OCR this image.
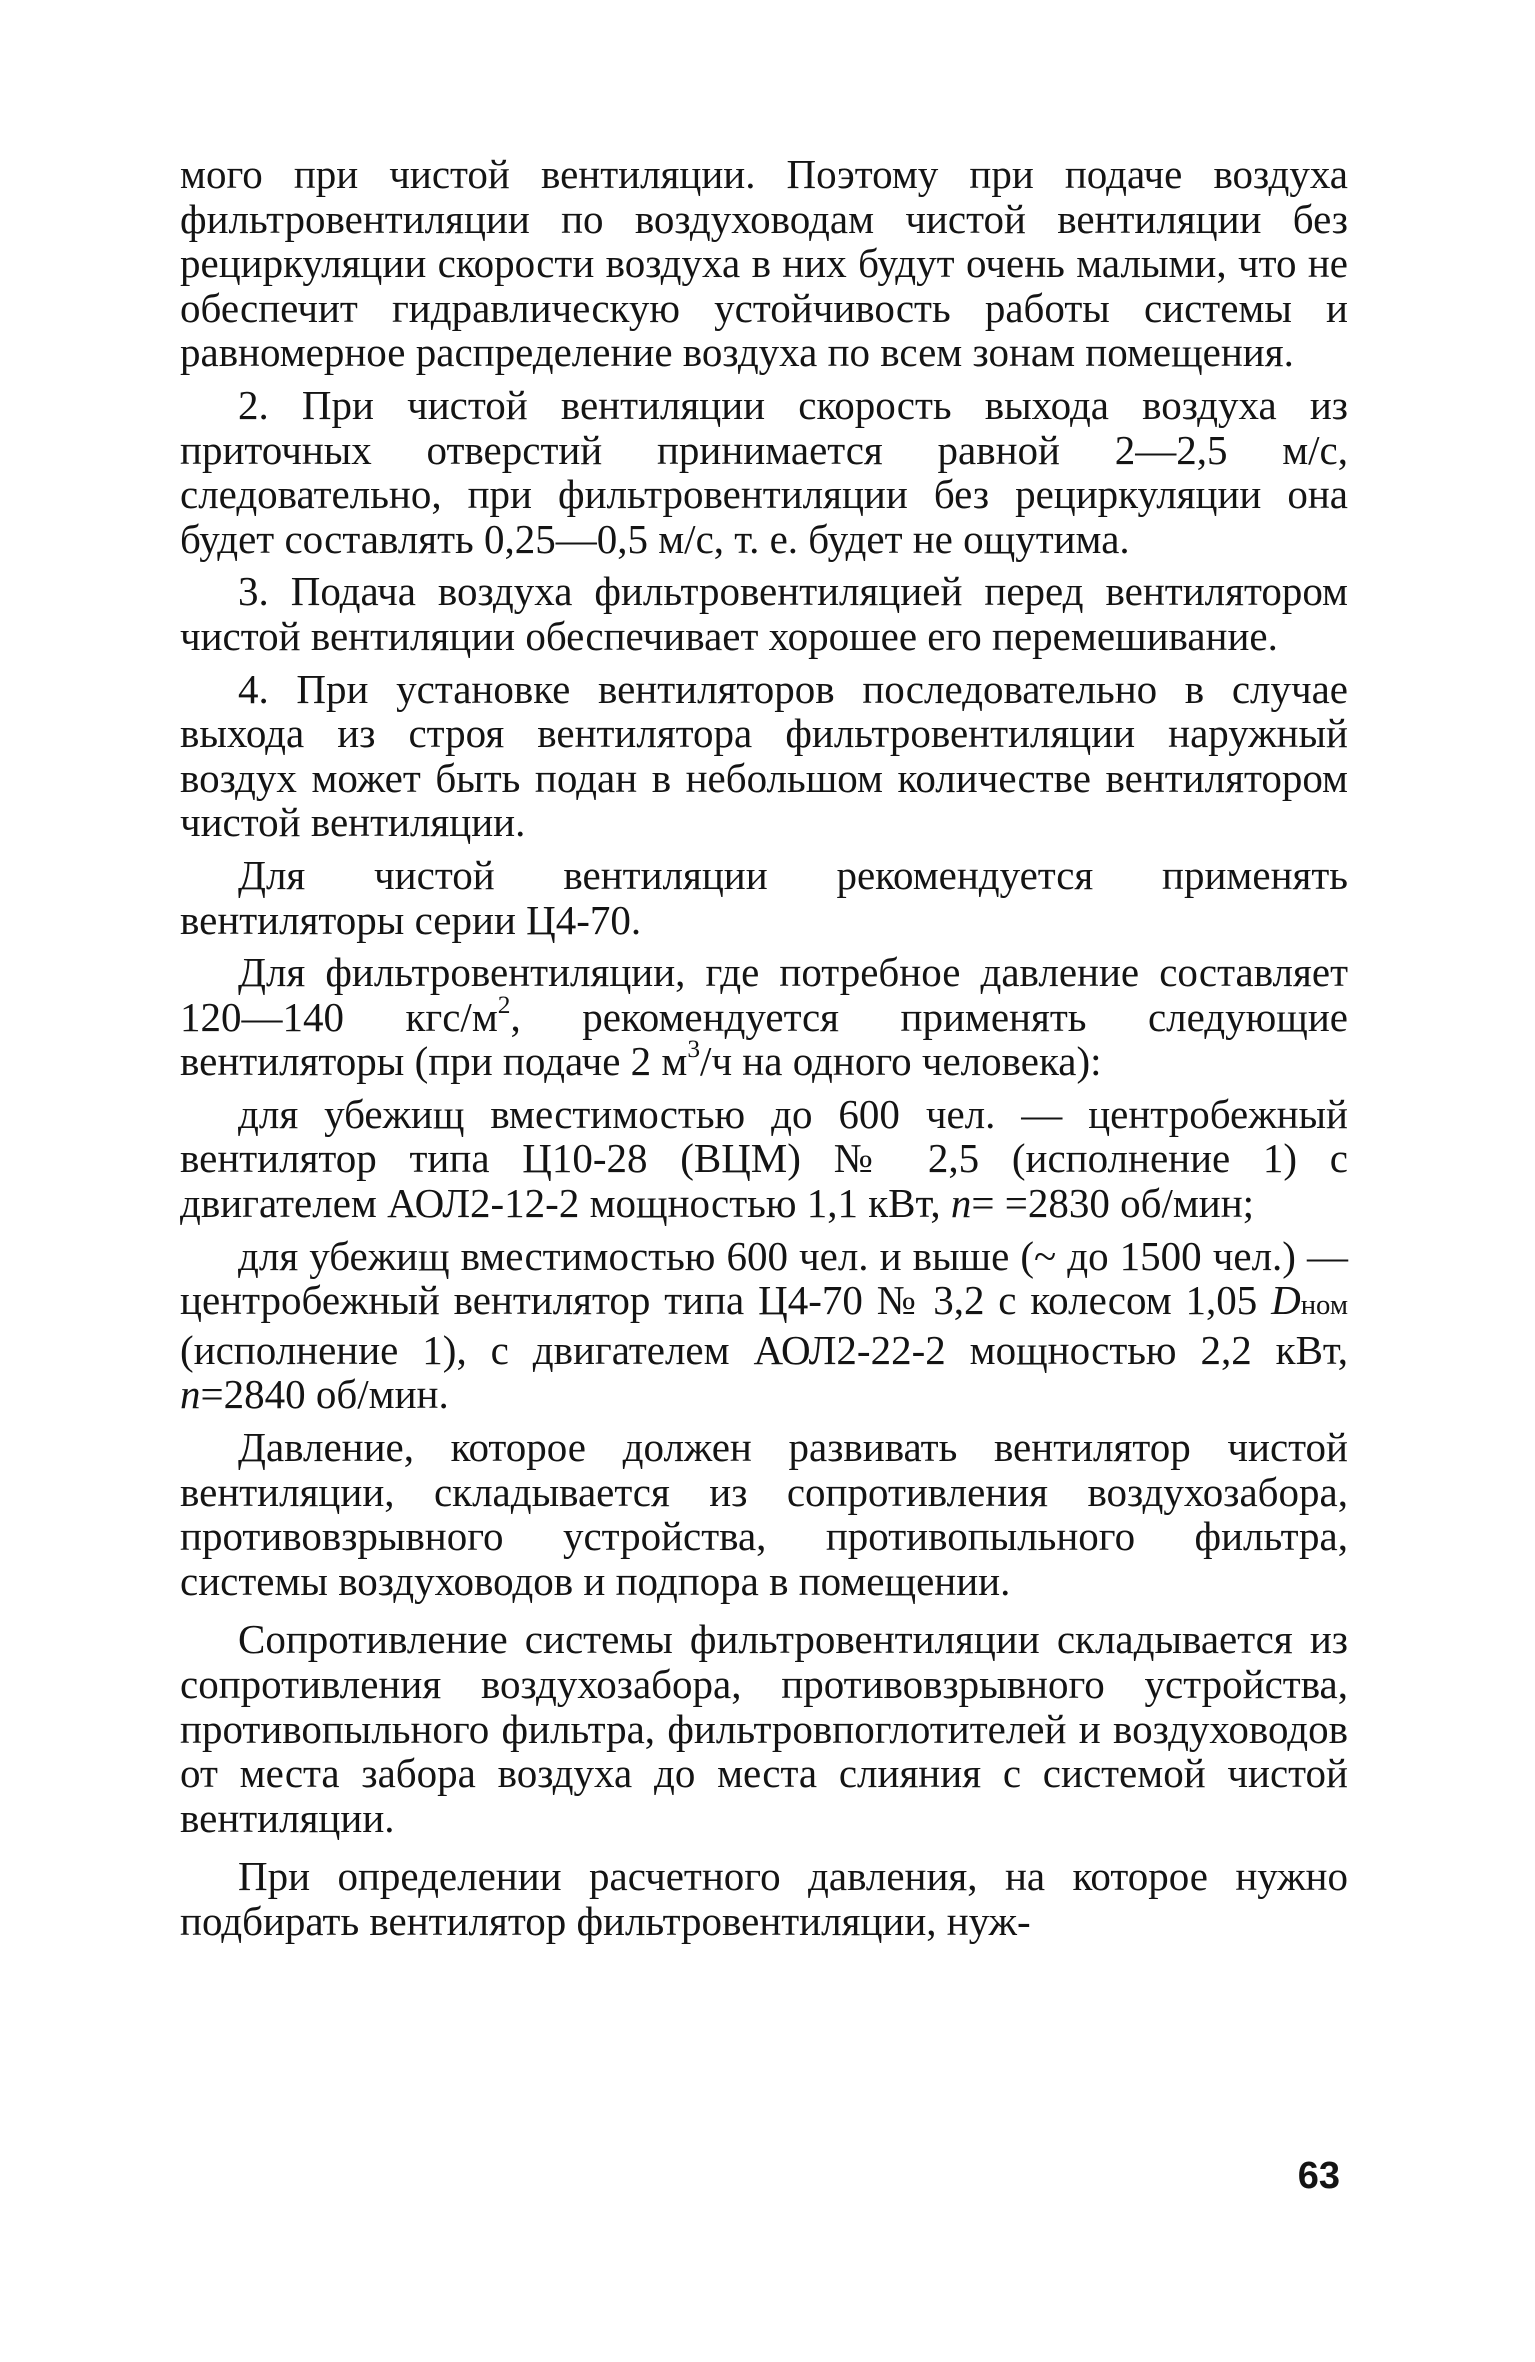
мого при чистой вентиляции. Поэтому при подаче воздуха фильтровентиляции по воздуховодам чистой вентиляции без рециркуляции скорости воздуха в них будут очень малыми, что не обеспечит гидравлическую устойчивость работы системы и равномерное распределение воздуха по всем зонам помещения.

2. При чистой вентиляции скорость выхода воздуха из приточных отверстий принимается равной 2—2,5 м/с, следовательно, при фильтровентиляции без рециркуляции она будет составлять 0,25—0,5 м/с, т. е. будет не ощутима.

3. Подача воздуха фильтровентиляцией перед вентилятором чистой вентиляции обеспечивает хорошее его перемешивание.

4. При установке вентиляторов последовательно в случае выхода из строя вентилятора фильтровентиляции наружный воздух может быть подан в небольшом количестве вентилятором чистой вентиляции.

Для чистой вентиляции рекомендуется применять вентиляторы серии Ц4-70.

Для фильтровентиляции, где потребное давление составляет 120—140 кгс/$м^2$, рекомендуется применять следующие вентиляторы (при подаче 2 $м^3/ч$ на одного человека):

для убежищ вместимостью до 600 чел. — центробежный вентилятор типа Ц10-28 (ВЦМ) № 2,5 (исполнение 1) с двигателем АОЛ2-12-2 мощностью 1,1 кВт, n= =2830 об/мин;

для убежищ вместимостью 600 чел. и выше (~ до 1500 чел.) — центробежный вентилятор типа Ц4-70 № 3,2 с колесом 1,05 Dном (исполнение 1), с двигателем АОЛ2-22-2 мощностью 2,2 кВт, n=2840 об/мин.

Давление, которое должен развивать вентилятор чистой вентиляции, складывается из сопротивления воздухозабора, противовзрывного устройства, противопыльного фильтра, системы воздуховодов и подпора в помещении.

Сопротивление системы фильтровентиляции складывается из сопротивления воздухозабора, противовзрывного устройства, противопыльного фильтра, фильтровпоглотителей и воздуховодов от места забора воздуха до места слияния с системой чистой вентиляции.

При определении расчетного давления, на которое нужно подбирать вентилятор фильтровентиляции, нуж-

63
